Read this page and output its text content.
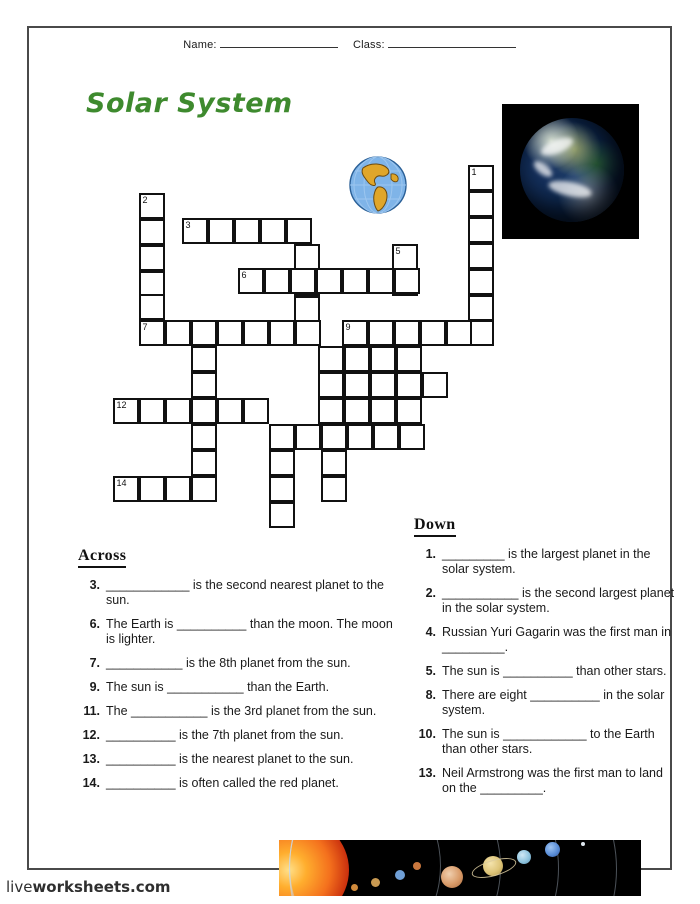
Name:	Class:
Solar System
1
2
3
5
6
7	9
12
14
Across
3. ____________ is the second nearest planet to the sun.
6. The Earth is __________ than the moon. The moon is lighter.
7. ___________ is the 8th planet from the sun.
9. The sun is ___________ than the Earth.
11. The ___________ is the 3rd planet from the sun.
12. __________ is the 7th planet from the sun.
13. __________ is the nearest planet to the sun.
14. __________ is often called the red planet.
Down
1. _________ is the largest planet in the solar system.
2. ___________ is the second largest planet in the solar system.
4. Russian Yuri Gagarin was the first man in _________.
5. The sun is __________ than other stars.
8. There are eight __________ in the solar system.
10. The sun is ____________ to the Earth than other stars.
13. Neil Armstrong was the first man to land on the _________.
liveworksheets.com
